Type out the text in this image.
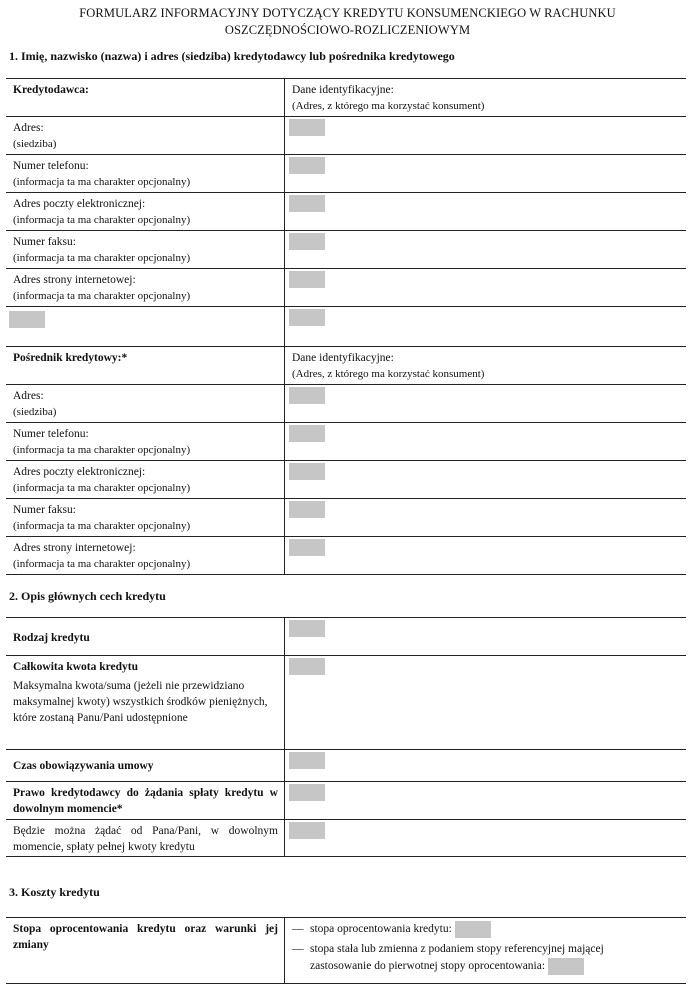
FORMULARZ INFORMACYJNY DOTYCZĄCY KREDYTU KONSUMENCKIEGO W RACHUNKU
OSZCZĘDNOŚCIOWO-ROZLICZENIOWYM
1. Imię, nazwisko (nazwa) i adres (siedziba) kredytodawcy lub pośrednika kredytowego
Kredytodawca:	Dane identyfikacyjne:
(Adres, z którego ma korzystać konsument)
Adres:
(siedziba)
Numer telefonu:
(informacja ta ma charakter opcjonalny)
Adres poczty elektronicznej:
(informacja ta ma charakter opcjonalny)
Numer faksu:
(informacja ta ma charakter opcjonalny)
Adres strony internetowej:
(informacja ta ma charakter opcjonalny)
Pośrednik kredytowy:*	Dane identyfikacyjne:
(Adres, z którego ma korzystać konsument)
Adres:
(siedziba)
Numer telefonu:
(informacja ta ma charakter opcjonalny)
Adres poczty elektronicznej:
(informacja ta ma charakter opcjonalny)
Numer faksu:
(informacja ta ma charakter opcjonalny)
Adres strony internetowej:
(informacja ta ma charakter opcjonalny)
2. Opis głównych cech kredytu
Rodzaj kredytu
Całkowita kwota kredytu
Maksymalna kwota/suma (jeżeli nie przewidziano maksymalnej kwoty) wszystkich środków pieniężnych, które zostaną Panu/Pani udostępnione
Czas obowiązywania umowy
Prawo kredytodawcy do żądania spłaty kredytu w dowolnym momencie*
Będzie można żądać od Pana/Pani, w dowolnym momencie, spłaty pełnej kwoty kredytu
3. Koszty kredytu
Stopa oprocentowania kredytu oraz warunki jej zmiany
— stopa oprocentowania kredytu:
— stopa stała lub zmienna z podaniem stopy referencyjnej mającej
zastosowanie do pierwotnej stopy oprocentowania:
